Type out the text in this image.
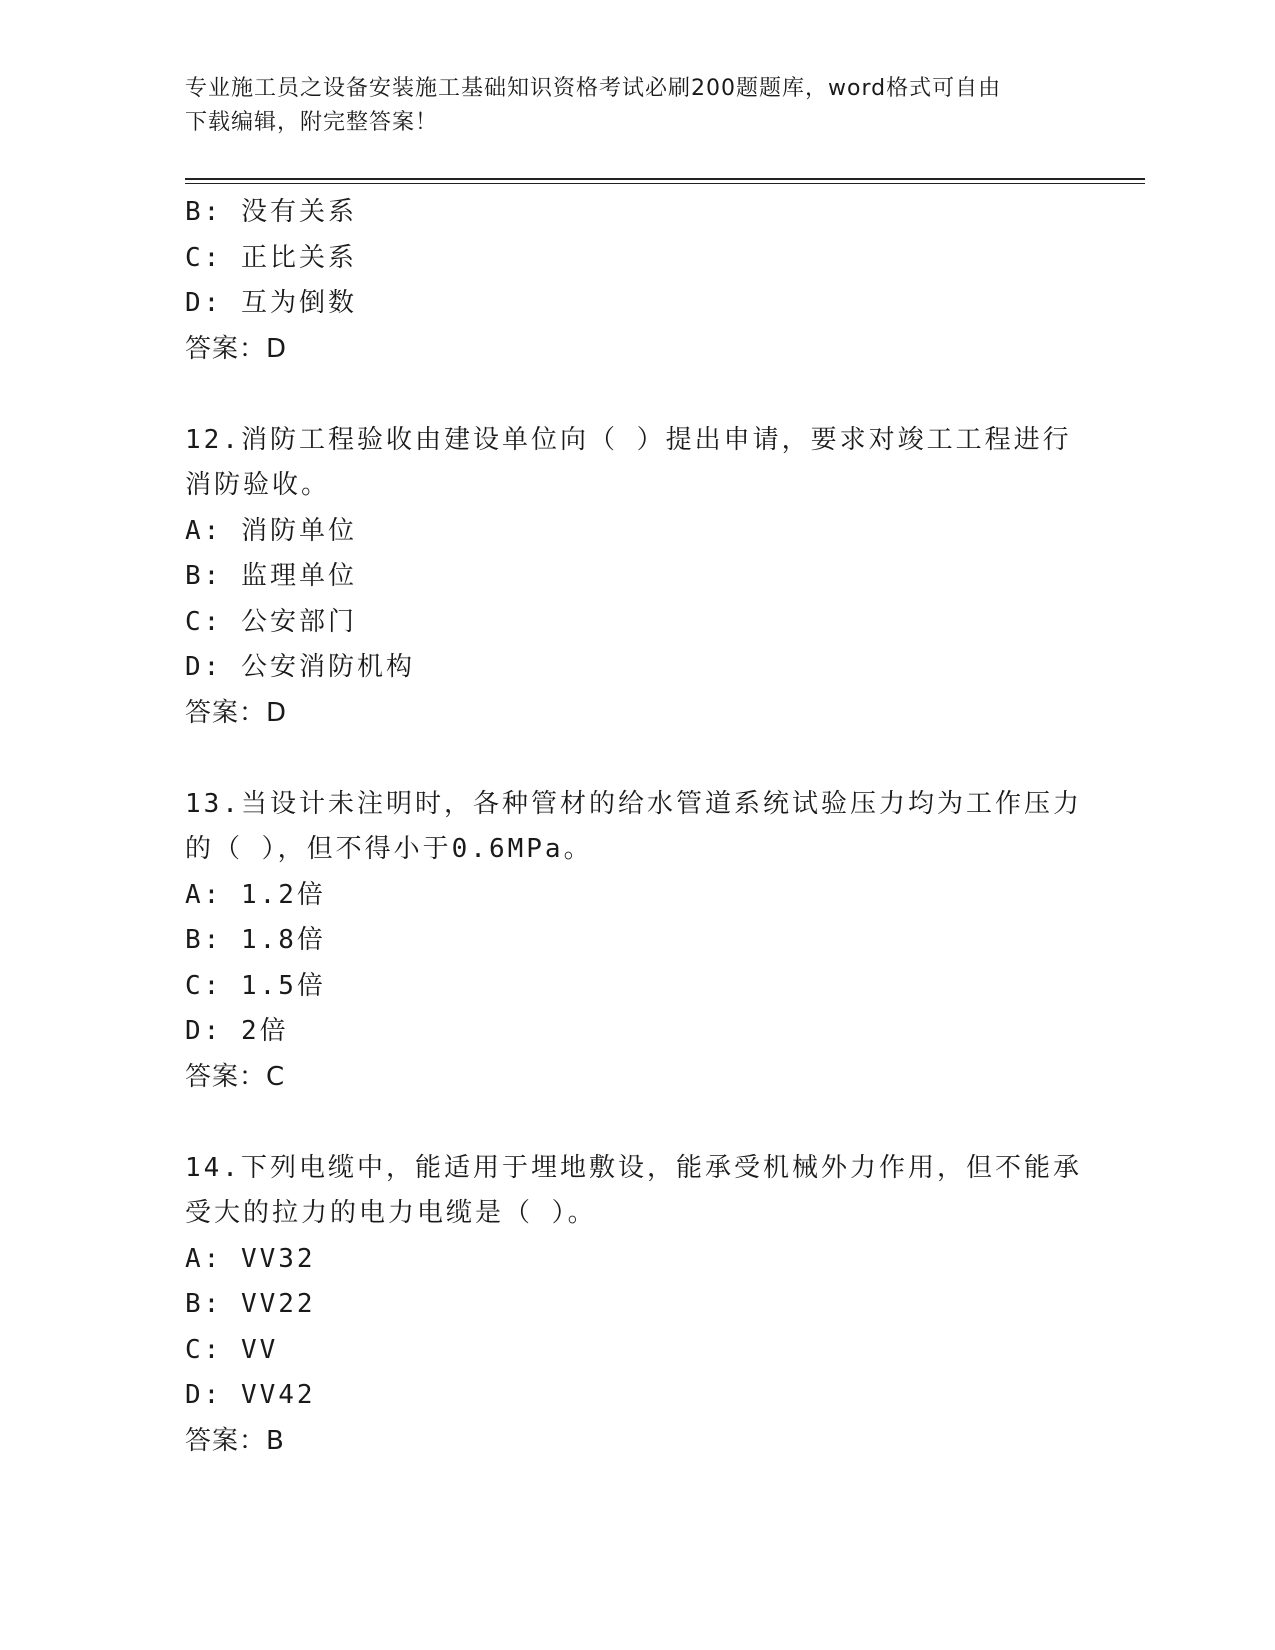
专业施工员之设备安装施工基础知识资格考试必刷200题题库，word格式可自由
下载编辑，附完整答案！
B: 没有关系
C: 正比关系
D: 互为倒数
答案：D
12.消防工程验收由建设单位向（ ）提出申请，要求对竣工工程进行
消防验收。
A: 消防单位
B: 监理单位
C: 公安部门
D: 公安消防机构
答案：D
13.当设计未注明时，各种管材的给水管道系统试验压力均为工作压力
的（ ），但不得小于0.6MPa。
A: 1.2倍
B: 1.8倍
C: 1.5倍
D: 2倍
答案：C
14.下列电缆中，能适用于埋地敷设，能承受机械外力作用，但不能承
受大的拉力的电力电缆是（ ）。
A: VV32
B: VV22
C: VV
D: VV42
答案：B
